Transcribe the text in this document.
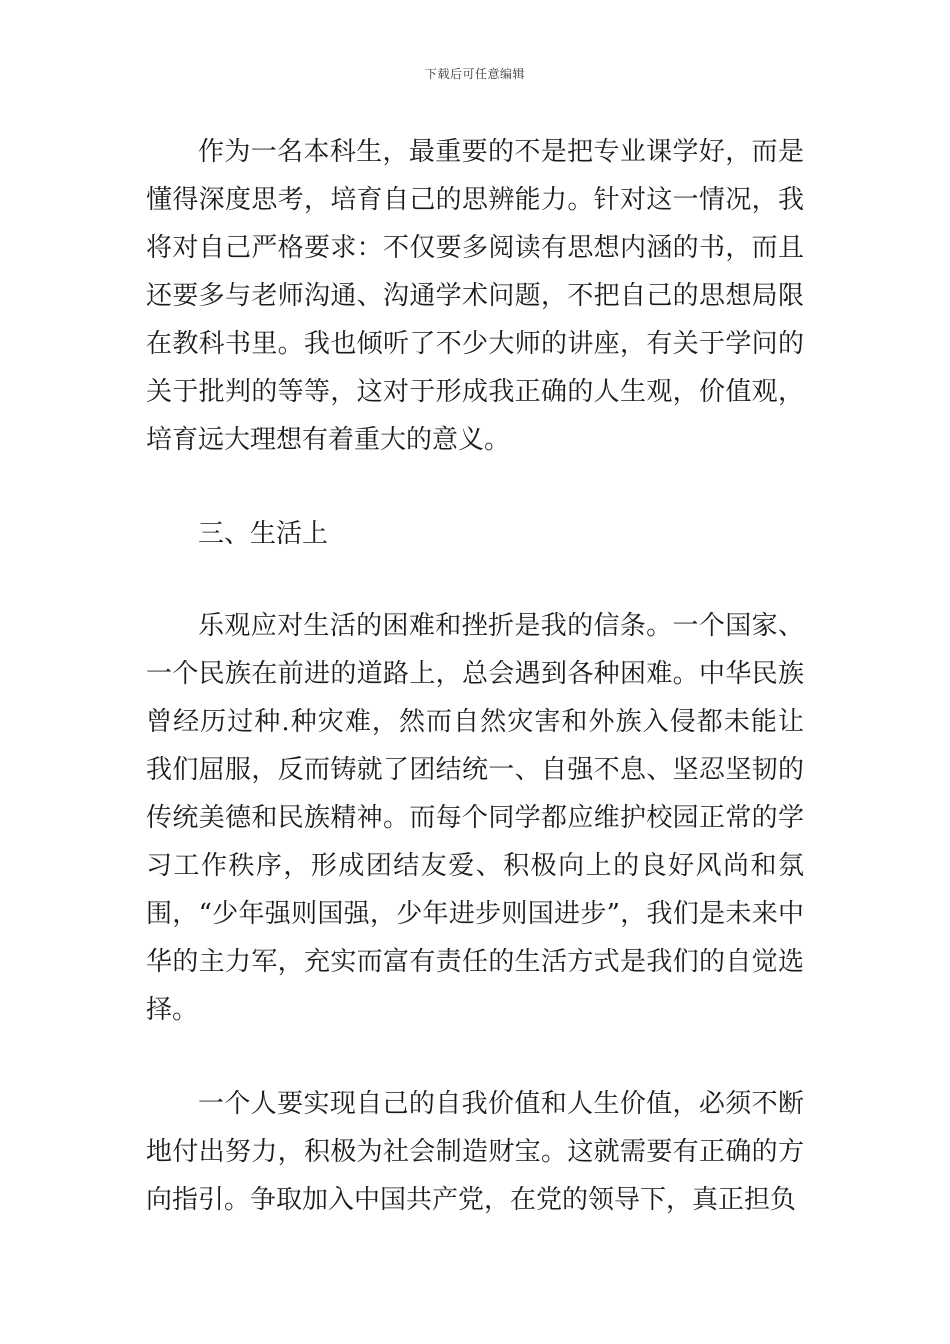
下载后可任意编辑

作为一名本科生，最重要的不是把专业课学好，而是懂得深度思考，培育自己的思辨能力。针对这一情况，我将对自己严格要求：不仅要多阅读有思想内涵的书，而且还要多与老师沟通、沟通学术问题，不把自己的思想局限在教科书里。我也倾听了不少大师的讲座，有关于学问的关于批判的等等，这对于形成我正确的人生观，价值观，培育远大理想有着重大的意义。

三、生活上

乐观应对生活的困难和挫折是我的信条。一个国家、一个民族在前进的道路上，总会遇到各种困难。中华民族曾经历过种.种灾难，然而自然灾害和外族入侵都未能让我们屈服，反而铸就了团结统一、自强不息、坚忍坚韧的传统美德和民族精神。而每个同学都应维护校园正常的学习工作秩序，形成团结友爱、积极向上的良好风尚和氛围，“少年强则国强，少年进步则国进步”，我们是未来中华的主力军，充实而富有责任的生活方式是我们的自觉选择。

一个人要实现自己的自我价值和人生价值，必须不断地付出努力，积极为社会制造财宝。这就需要有正确的方向指引。争取加入中国共产党，在党的领导下，真正担负
